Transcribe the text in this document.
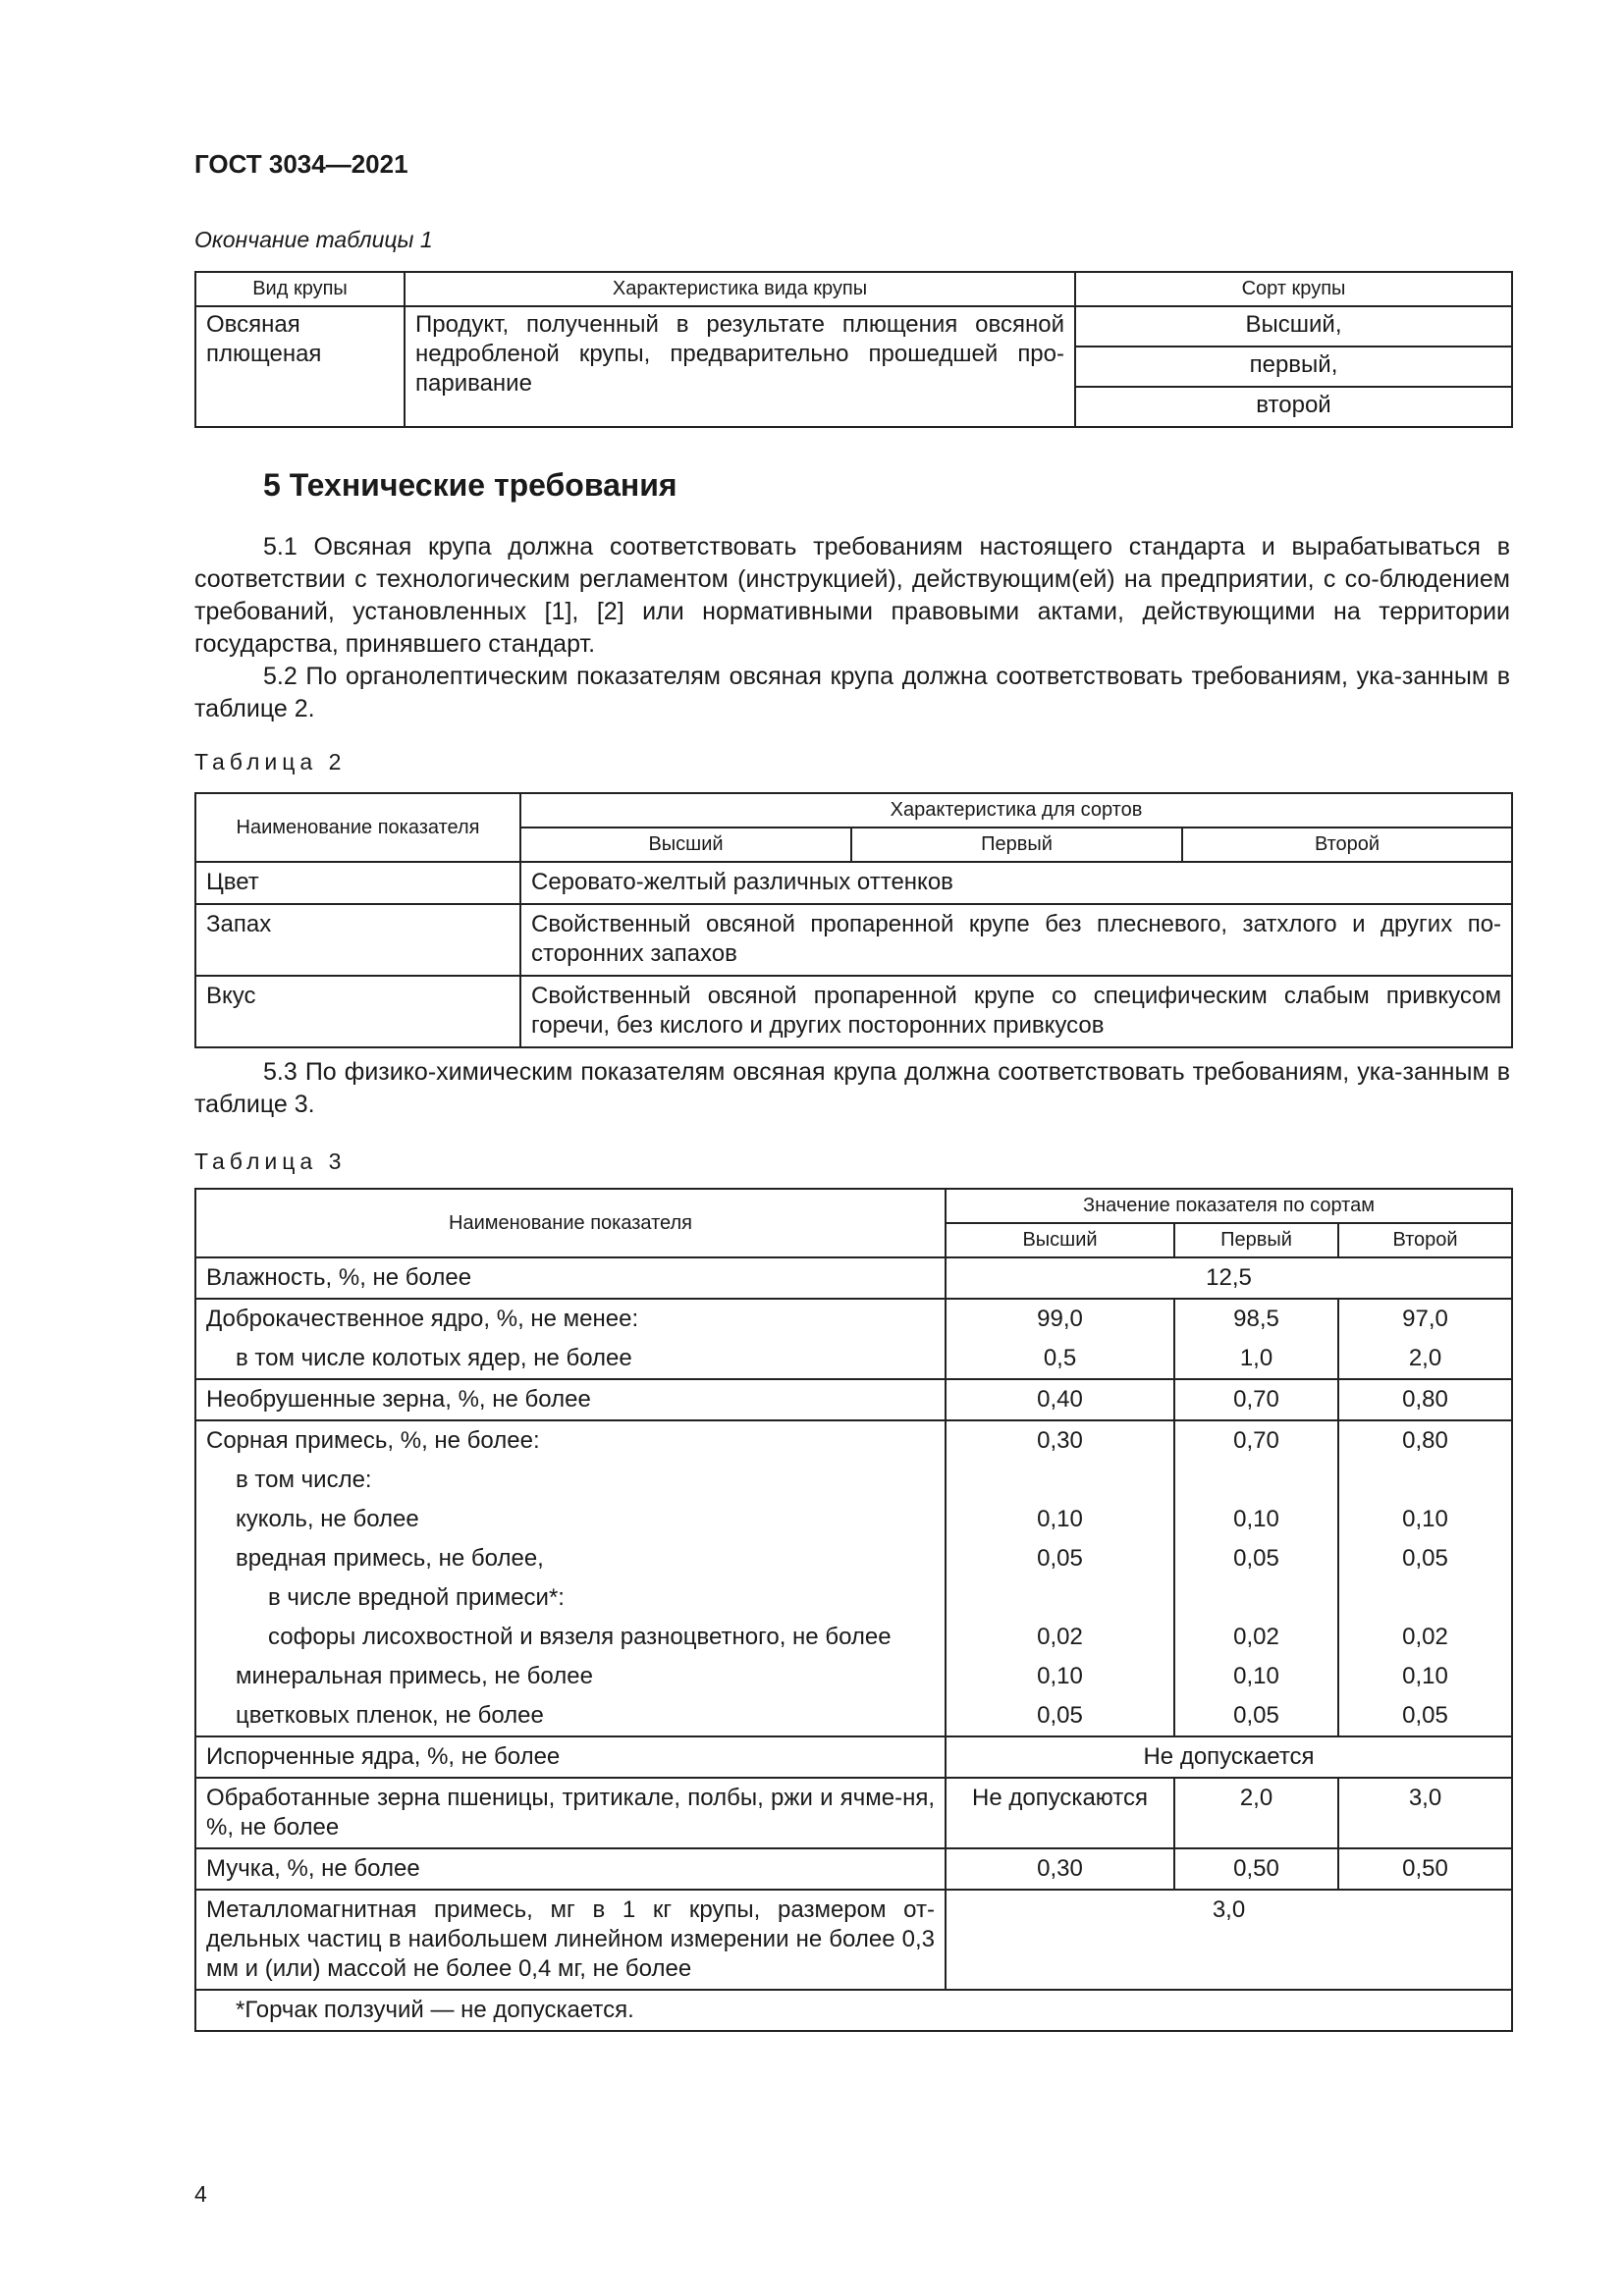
ГОСТ 3034—2021
Окончание таблицы 1
Вид крупы	Характеристика вида крупы	Сорт крупы
Овсяная плющеная	Продукт, полученный в результате плющения овсяной недробленой крупы, предварительно прошедшей про-паривание	Высший,
		первый,
		второй
5 Технические требования

5.1 Овсяная крупа должна соответствовать требованиям настоящего стандарта и вырабатываться в соответствии с технологическим регламентом (инструкцией), действующим(ей) на предприятии, с со-блюдением требований, установленных [1], [2] или нормативными правовыми актами, действующими на территории государства, принявшего стандарт.

5.2 По органолептическим показателям овсяная крупа должна соответствовать требованиям, ука-занным в таблице 2.

Таблица 2
Наименование показателя	Характеристика для сортов		
	Высший	Первый	Второй
Цвет	Серовато-желтый различных оттенков		
Запах	Свойственный овсяной пропаренной крупе без плесневого, затхлого и других по-сторонних запахов		
Вкус	Свойственный овсяной пропаренной крупе со специфическим слабым привкусом горечи, без кислого и других посторонних привкусов		

5.3 По физико-химическим показателям овсяная крупа должна соответствовать требованиям, ука-занным в таблице 3.

Таблица 3
Наименование показателя	Значение показателя по сортам		
	Высший	Первый	Второй
Влажность, %, не более	12,5		
Доброкачественное ядро, %, не менее:	99,0	98,5	97,0
в том числе колотых ядер, не более	0,5	1,0	2,0
Необрушенные зерна, %, не более	0,40	0,70	0,80
Сорная примесь, %, не более:	0,30	0,70	0,80
в том числе:			
куколь, не более	0,10	0,10	0,10
вредная примесь, не более,	0,05	0,05	0,05
в числе вредной примеси*:			
софоры лисохвостной и вязеля разноцветного, не более	0,02	0,02	0,02
минеральная примесь, не более	0,10	0,10	0,10
цветковых пленок, не более	0,05	0,05	0,05
Испорченные ядра, %, не более	Не допускается		
Обработанные зерна пшеницы, тритикале, полбы, ржи и ячме-ня, %, не более	Не допускаются	2,0	3,0
Мучка, %, не более	0,30	0,50	0,50
Металломагнитная примесь, мг в 1 кг крупы, размером от-дельных частиц в наибольшем линейном измерении не более 0,3 мм и (или) массой не более 0,4 мг, не более	3,0		
*Горчак ползучий — не допускается.			
4
